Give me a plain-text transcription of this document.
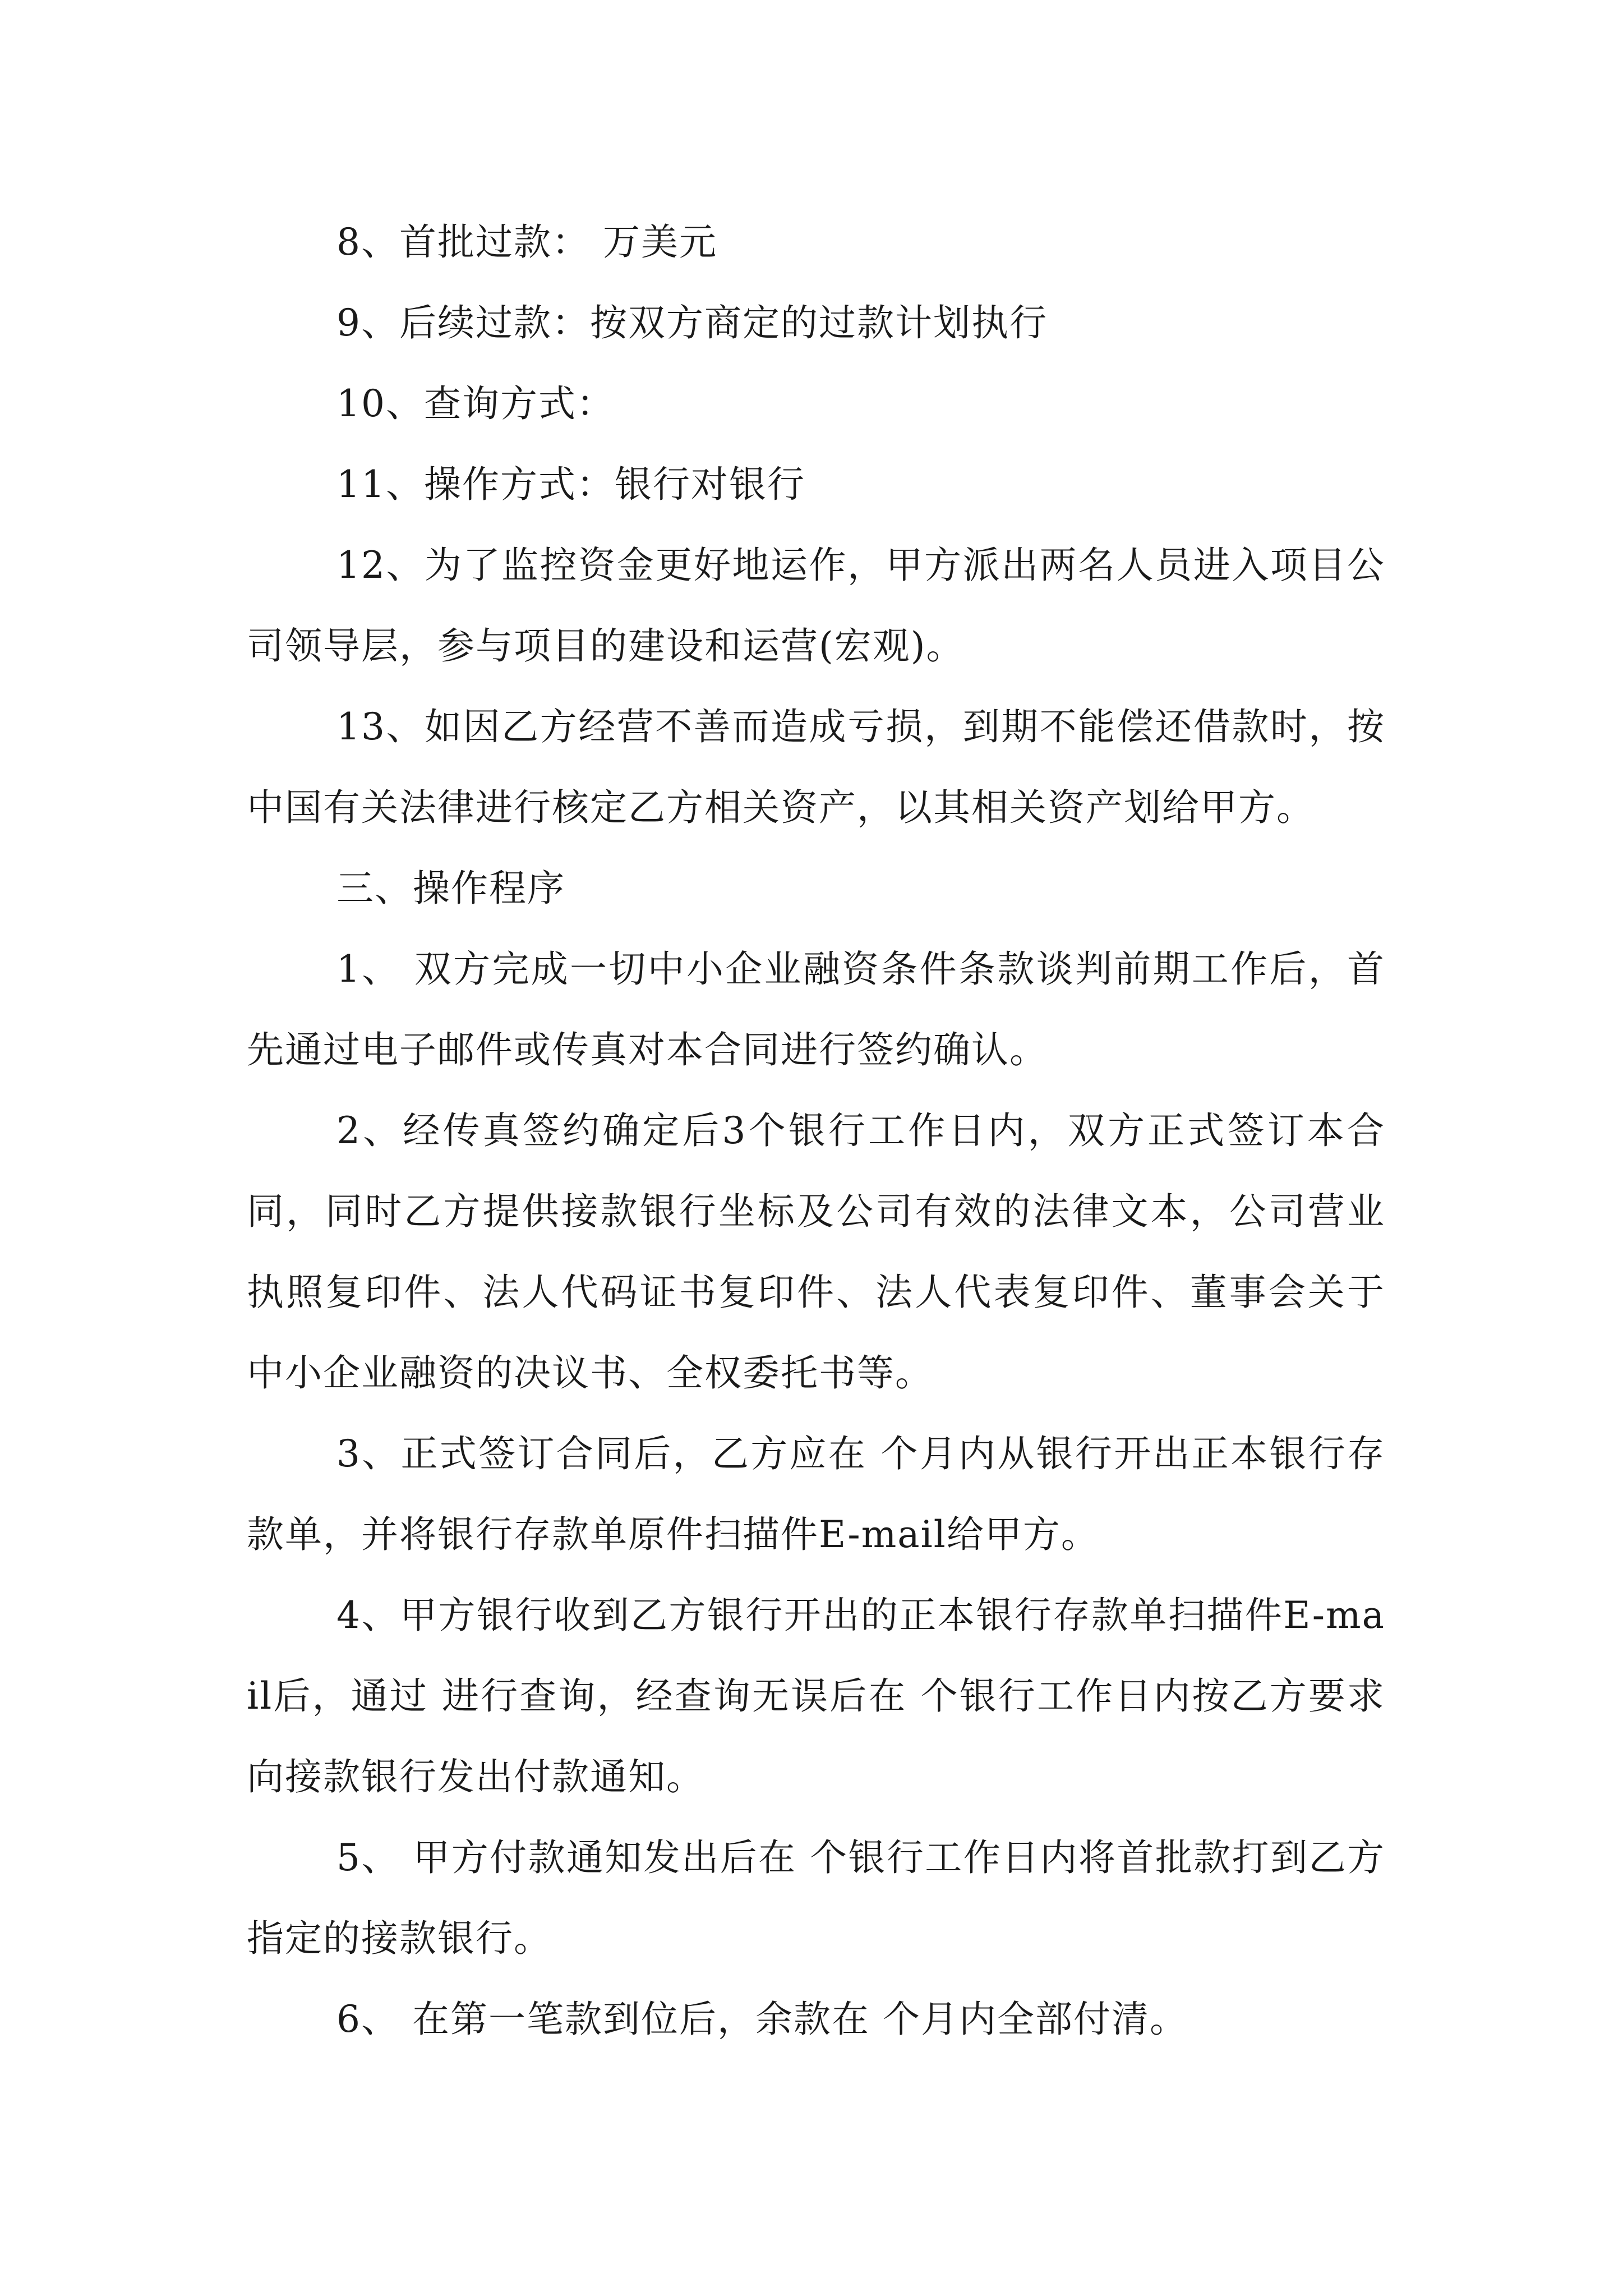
8、首批过款： 万美元

9、后续过款：按双方商定的过款计划执行

10、查询方式：

11、操作方式：银行对银行

12、为了监控资金更好地运作，甲方派出两名人员进入项目公司领导层，参与项目的建设和运营(宏观)。

13、如因乙方经营不善而造成亏损，到期不能偿还借款时，按中国有关法律进行核定乙方相关资产，以其相关资产划给甲方。

三、操作程序

1、 双方完成一切中小企业融资条件条款谈判前期工作后，首先通过电子邮件或传真对本合同进行签约确认。

2、经传真签约确定后3个银行工作日内，双方正式签订本合同，同时乙方提供接款银行坐标及公司有效的法律文本，公司营业执照复印件、法人代码证书复印件、法人代表复印件、董事会关于中小企业融资的决议书、全权委托书等。

3、正式签订合同后，乙方应在 个月内从银行开出正本银行存款单，并将银行存款单原件扫描件E-mail给甲方。

4、甲方银行收到乙方银行开出的正本银行存款单扫描件E-mail后，通过 进行查询，经查询无误后在 个银行工作日内按乙方要求向接款银行发出付款通知。

5、 甲方付款通知发出后在 个银行工作日内将首批款打到乙方指定的接款银行。

6、 在第一笔款到位后，余款在 个月内全部付清。
